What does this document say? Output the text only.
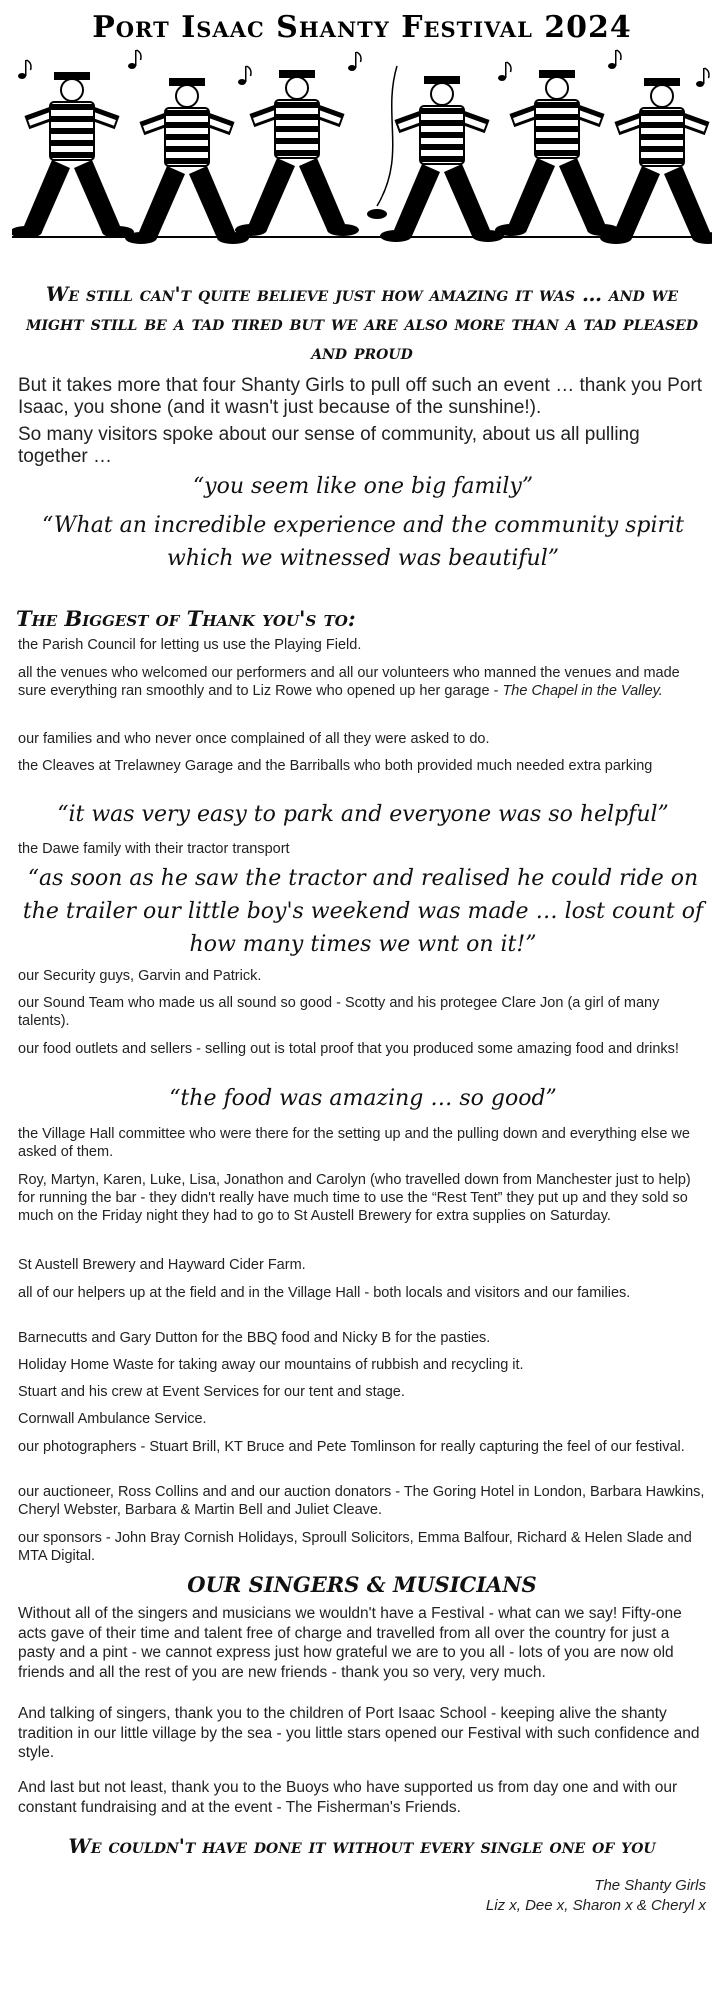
Port Isaac Shanty Festival 2024
We still can't quite believe just how amazing it was … and we might still be a tad tired but we are also more than a tad pleased and proud
But it takes more that four Shanty Girls to pull off such an event … thank you Port Isaac, you shone (and it wasn't just because of the sunshine!).
So many visitors spoke about our sense of community, about us all pulling together …
“you seem like one big family”
“What an incredible experience and the community spirit which we witnessed was beautiful”
The Biggest of Thank you's to:
the Parish Council for letting us use the Playing Field.
all the venues who welcomed our performers and all our volunteers who manned the venues and made sure everything ran smoothly and to Liz Rowe who opened up her garage - The Chapel in the Valley.
our families and who never once complained of all they were asked to do.
the Cleaves at Trelawney Garage and the Barriballs who both provided much needed extra parking
“it was very easy to park and everyone was so helpful”
the Dawe family with their tractor transport
“as soon as he saw the tractor and realised he could ride on the trailer our little boy's weekend was made … lost count of how many times we wnt on it!”
our Security guys, Garvin and Patrick.
our Sound Team who made us all sound so good - Scotty and his protegee Clare Jon (a girl of many talents).
our food outlets and sellers - selling out is total proof that you produced some amazing food and drinks!
“the food was amazing … so good”
the Village Hall committee who were there for the setting up and the pulling down and everything else we asked of them.
Roy, Martyn, Karen, Luke, Lisa, Jonathon and Carolyn (who travelled down from Manchester just to help) for running the bar - they didn't really have much time to use the “Rest Tent” they put up and they sold so much on the Friday night they had to go to St Austell Brewery for extra supplies on Saturday.
St Austell Brewery and Hayward Cider Farm.
all of our helpers up at the field and in the Village Hall - both locals and visitors and our families.
Barnecutts and Gary Dutton for the BBQ food and Nicky B for the pasties.
Holiday Home Waste for taking away our mountains of rubbish and recycling it.
Stuart and his crew at Event Services for our tent and stage.
Cornwall Ambulance Service.
our photographers - Stuart Brill, KT Bruce and Pete Tomlinson for really capturing the feel of our festival.
our auctioneer, Ross Collins and and our auction donators - The Goring Hotel in London, Barbara Hawkins, Cheryl Webster, Barbara & Martin Bell and Juliet Cleave.
our sponsors - John Bray Cornish Holidays, Sproull Solicitors, Emma Balfour, Richard & Helen Slade and MTA Digital.
OUR SINGERS & MUSICIANS
Without all of the singers and musicians we wouldn't have a Festival - what can we say! Fifty-one acts gave of their time and talent free of charge and travelled from all over the country for just a pasty and a pint - we cannot express just how grateful we are to you all - lots of you are now old friends and all the rest of you are new friends - thank you so very, very much.
And talking of singers, thank you to the children of Port Isaac School - keeping alive the shanty tradition in our little village by the sea - you little stars opened our Festival with such confidence and style.
And last but not least, thank you to the Buoys who have supported us from day one and with our constant fundraising and at the event - The Fisherman's Friends.
We couldn't have done it without every single one of you
The Shanty Girls
Liz x, Dee x, Sharon x & Cheryl x
